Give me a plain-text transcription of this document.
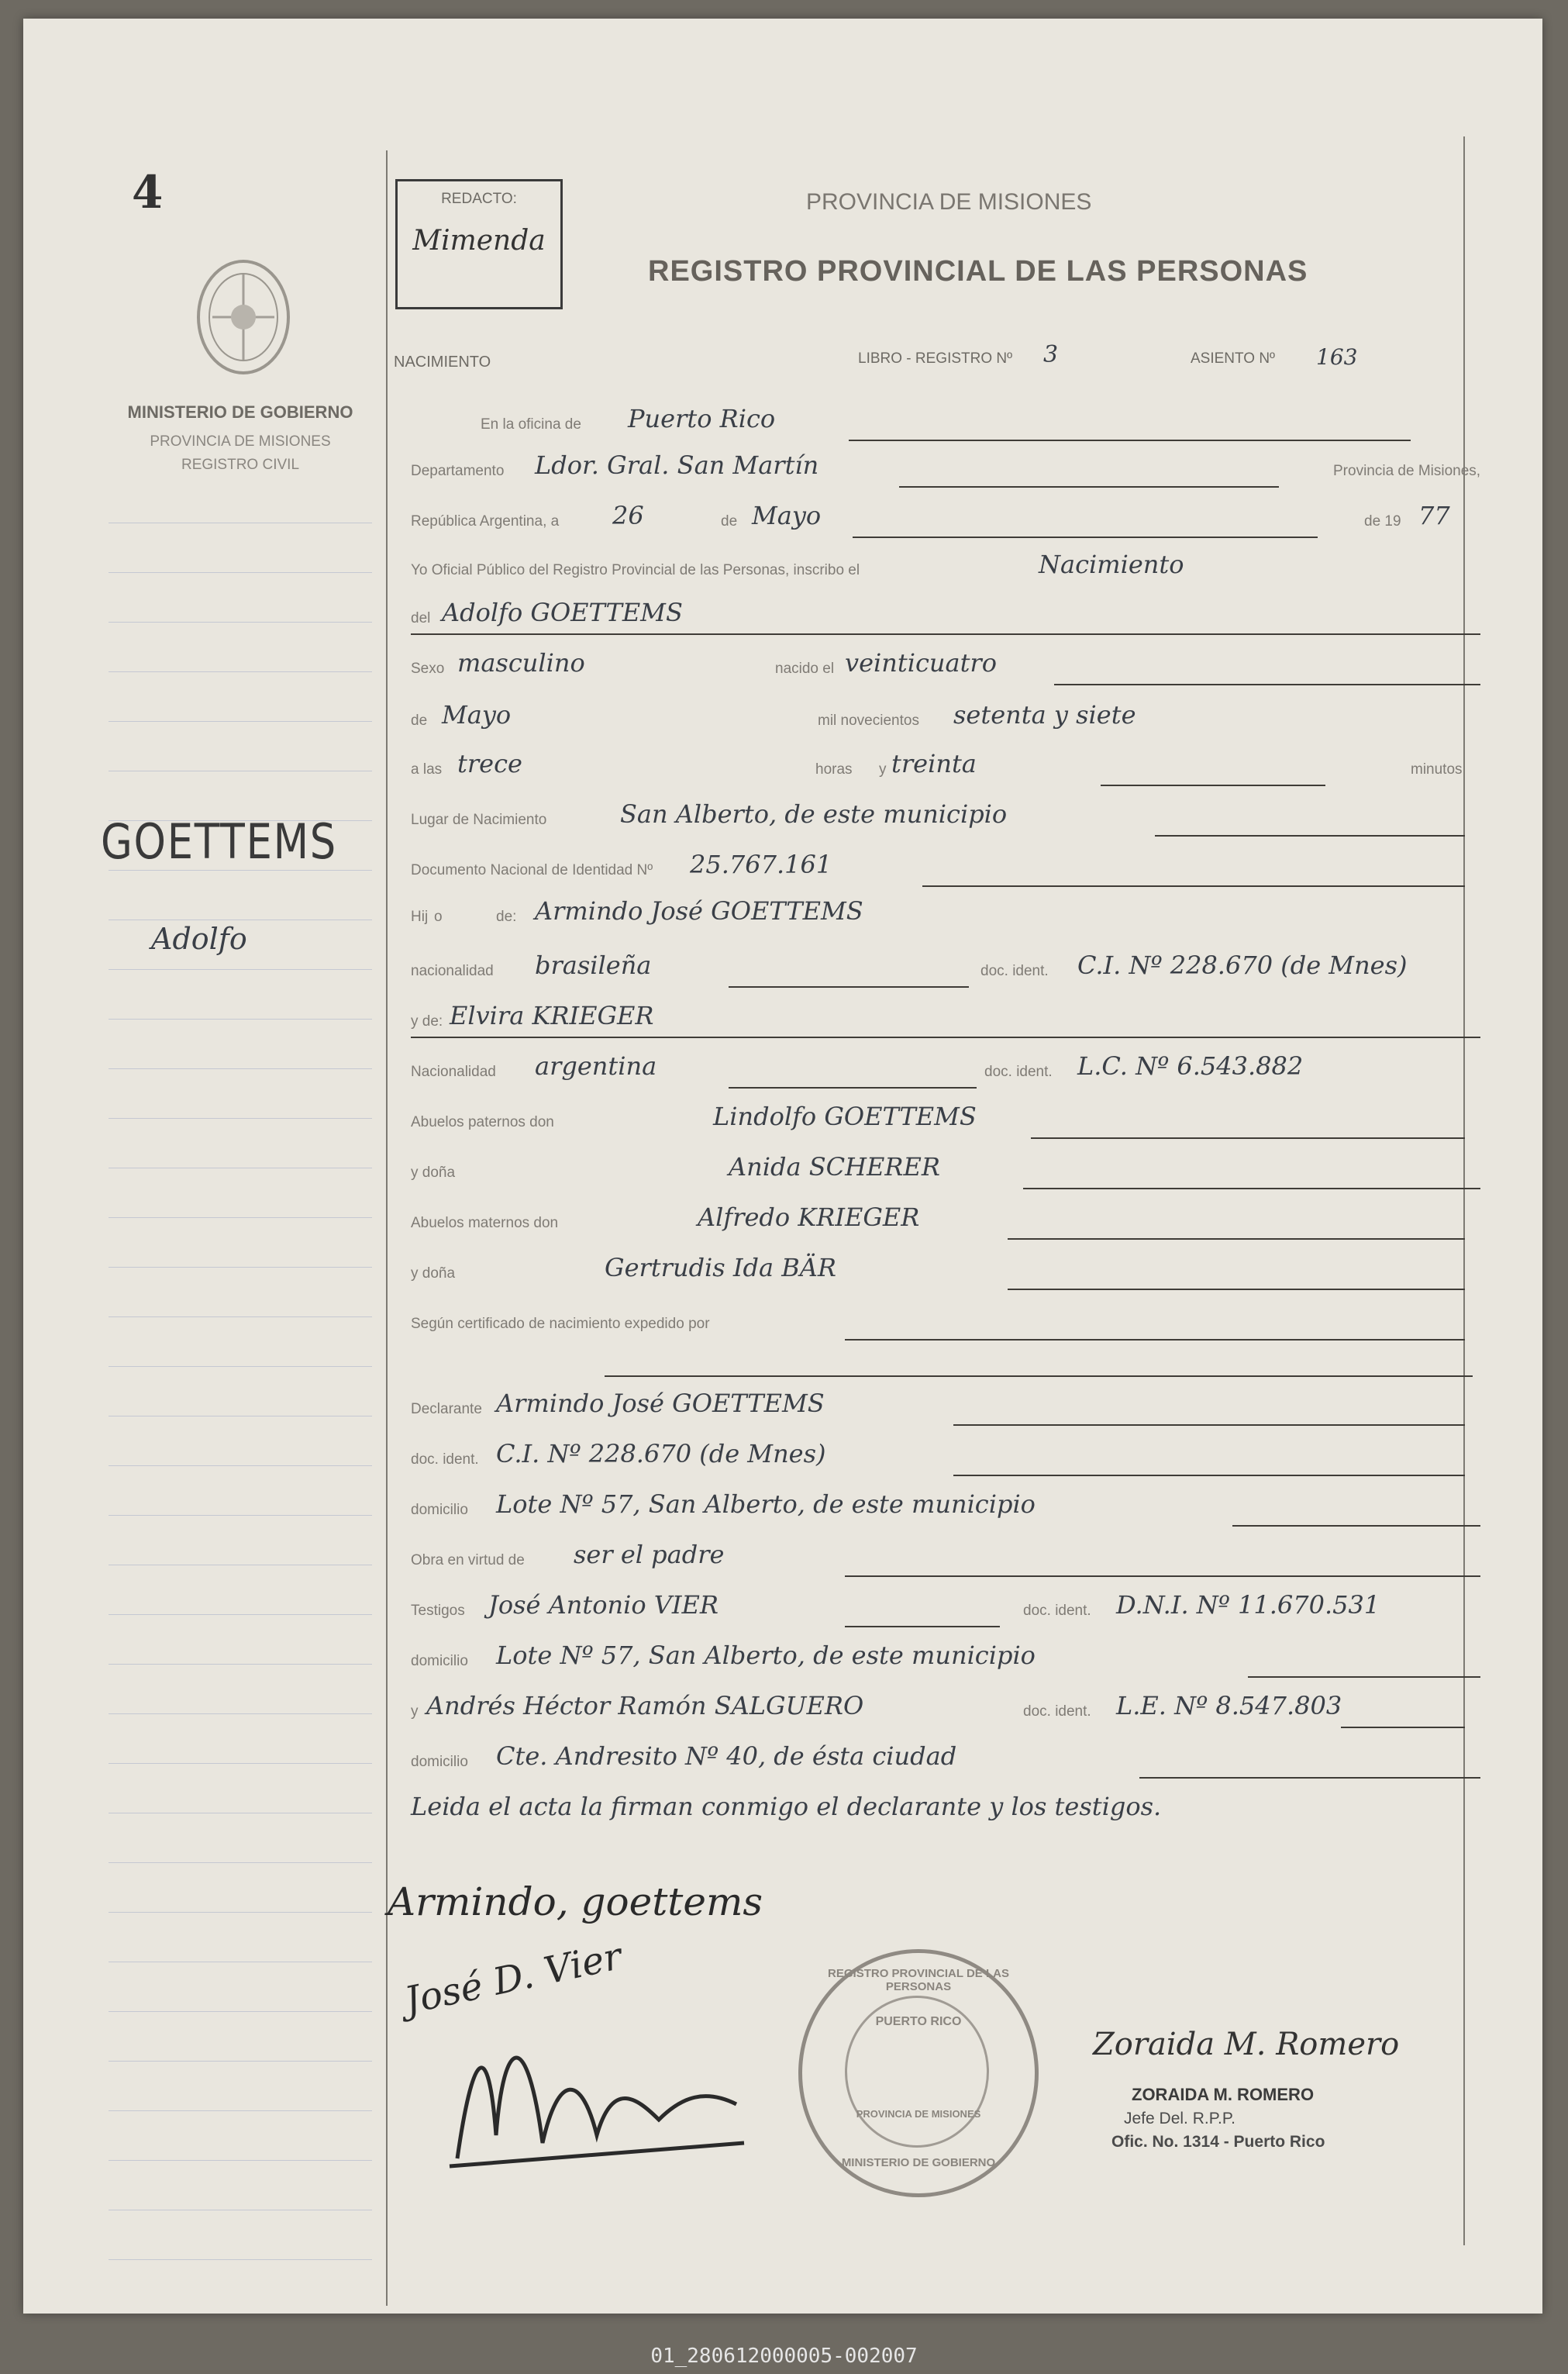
4
MINISTERIO DE GOBIERNO
PROVINCIA DE MISIONES
REGISTRO CIVIL
GOETTEMS
Adolfo
REDACTO:
Mimenda
PROVINCIA DE MISIONES
REGISTRO PROVINCIAL DE LAS PERSONAS
NACIMIENTO	LIBRO - REGISTRO Nº 3	ASIENTO Nº 163
En la oficina de Puerto Rico
Departamento Ldor. Gral. San Martín	Provincia de Misiones,
República Argentina, a 26	de Mayo	de 19 77
Yo Oficial Público del Registro Provincial de las Personas, inscribo el	Nacimiento
del Adolfo GOETTEMS
Sexo masculino	nacido el veinticuatro
de Mayo	mil novecientos setenta y siete
a las trece	horas y treinta	minutos
Lugar de Nacimiento	San Alberto, de este municipio
Documento Nacional de Identidad Nº 25.767.161
Hij o	de: Armindo José GOETTEMS
nacionalidad brasileña	doc. ident. C.I. Nº 228.670 (de Mnes)
y de: Elvira KRIEGER
Nacionalidad argentina	doc. ident. L.C. Nº 6.543.882
Abuelos paternos don	Lindolfo GOETTEMS
y doña	Anida SCHERER
Abuelos maternos don	Alfredo KRIEGER
y doña	Gertrudis Ida BÄR
Según certificado de nacimiento expedido por
Declarante Armindo José GOETTEMS
doc. ident. C.I. Nº 228.670 (de Mnes)
domicilio Lote Nº 57, San Alberto, de este municipio
Obra en virtud de ser el padre
Testigos José Antonio VIER	doc. ident. D.N.I. Nº 11.670.531
domicilio Lote Nº 57, San Alberto, de este municipio
y Andrés Héctor Ramón SALGUERO	doc. ident. L.E. Nº 8.547.803
domicilio Cte. Andresito Nº 40, de ésta ciudad
Leida el acta la firman conmigo el declarante y los testigos.
Armindo, goettems
José D. Vier	REGISTRO PROVINCIAL DE LAS PERSONAS
PUERTO RICO
PROVINCIA DE MISIONES
MINISTERIO DE GOBIERNO
Zoraida M. Romero
ZORAIDA M. ROMERO
Jefe Del. R.P.P.
Ofic. No. 1314 - Puerto Rico
01_280612000005-002007
